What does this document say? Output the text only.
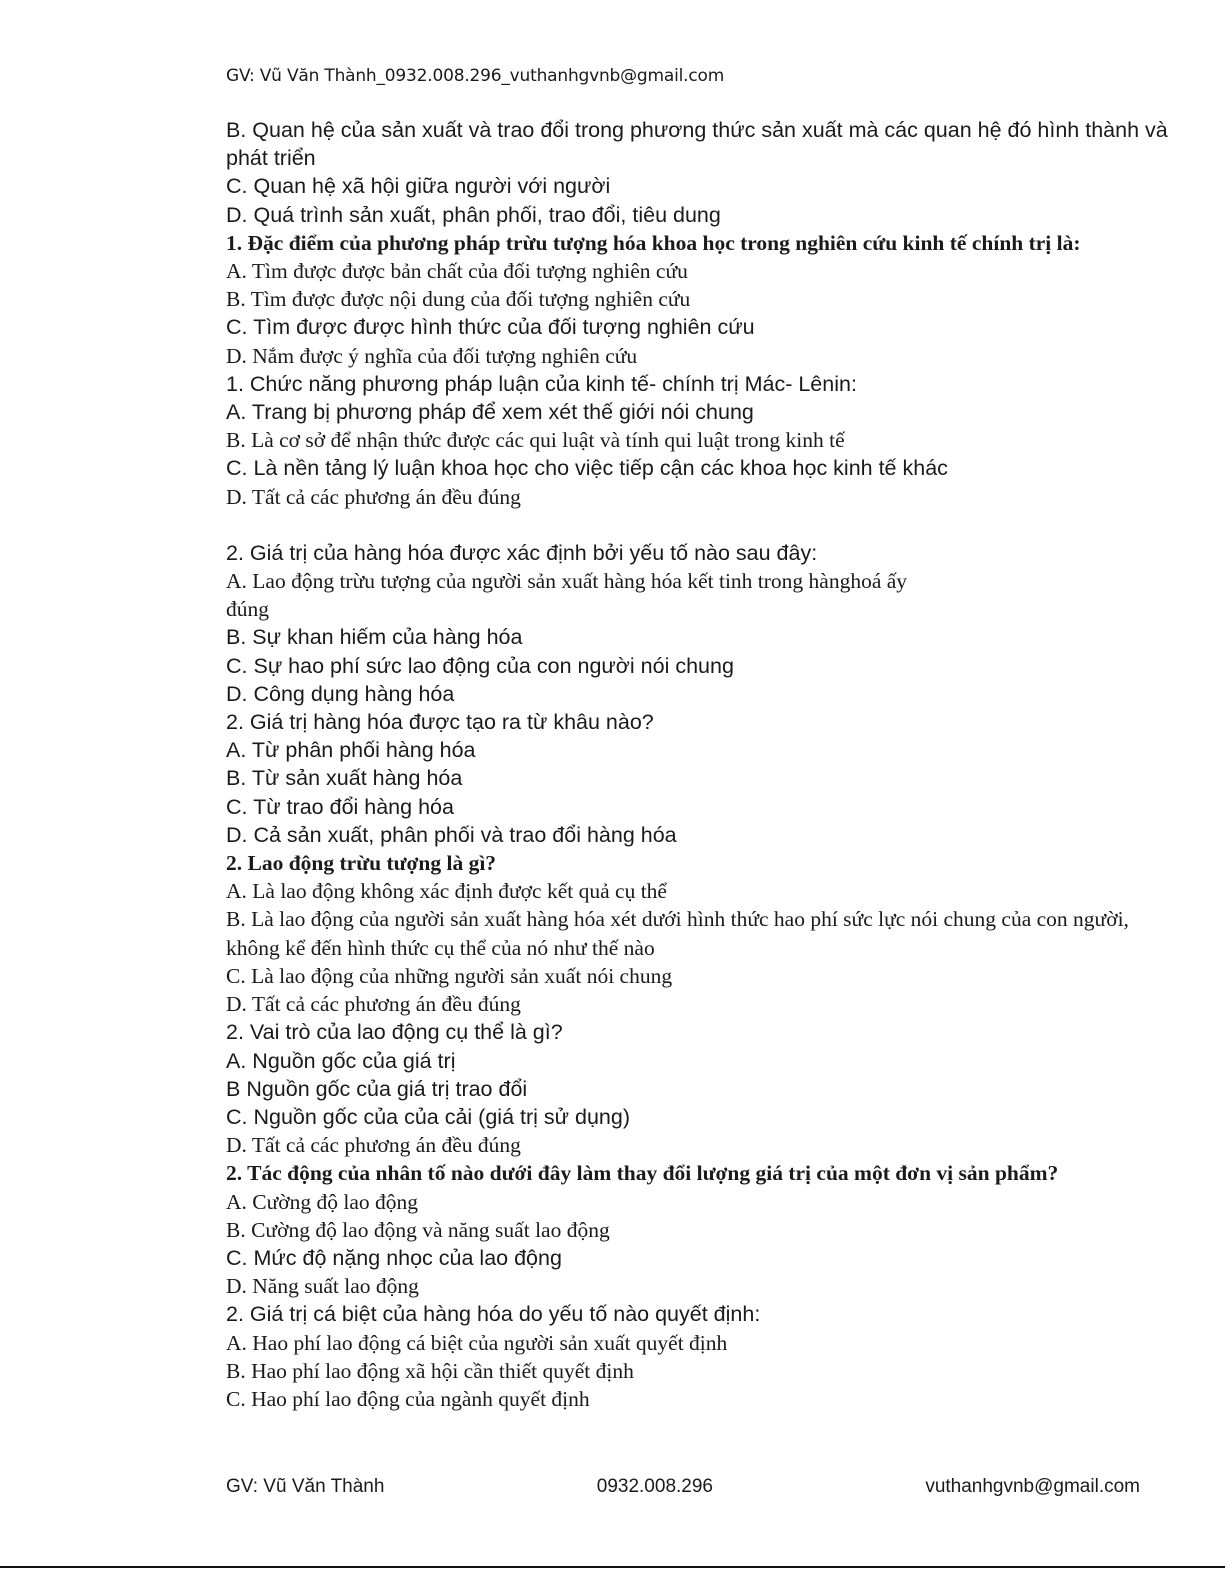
GV: Vũ Văn Thành_0932.008.296_vuthanhgvnb@gmail.com
B. Quan hệ của sản xuất và trao đổi trong phương thức sản xuất mà các quan hệ đó hình thành và phát triển
C. Quan hệ xã hội giữa người với người
D. Quá trình sản xuất, phân phối, trao đổi, tiêu dung
1. Đặc điểm của phương pháp trừu tượng hóa khoa học trong nghiên cứu kinh tế chính trị là:
A. Tìm được được bản chất của đối tượng nghiên cứu
B. Tìm được được nội dung của đối tượng nghiên cứu
C. Tìm được được hình thức của đối tượng nghiên cứu
D. Nắm được ý nghĩa của đối tượng nghiên cứu
1. Chức năng phương pháp luận của kinh tế- chính trị Mác- Lênin:
A. Trang bị phương pháp để xem xét thế giới nói chung
B. Là cơ sở để nhận thức được các qui luật và tính qui luật trong kinh tế
C. Là nền tảng lý luận khoa học cho việc tiếp cận các khoa học kinh tế khác
D. Tất cả các phương án đều đúng
2. Giá trị của hàng hóa được xác định bởi yếu tố nào sau đây:
A. Lao động trừu tượng của người sản xuất hàng hóa kết tinh trong hànghoá ấy
đúng
B. Sự khan hiếm của hàng hóa
C. Sự hao phí sức lao động của con người nói chung
D. Công dụng hàng hóa
2. Giá trị hàng hóa được tạo ra từ khâu nào?
A. Từ phân phối hàng hóa
B. Từ sản xuất hàng hóa
C. Từ trao đổi hàng hóa
D. Cả sản xuất, phân phối và trao đổi hàng hóa
2. Lao động trừu tượng là gì?
A. Là lao động không xác định được kết quả cụ thể
B. Là lao động của người sản xuất hàng hóa xét dưới hình thức hao phí sức lực nói chung của con người, không kể đến hình thức cụ thể của nó như thế nào
C. Là lao động của những người sản xuất nói chung
D. Tất cả các phương án đều đúng
2. Vai trò của lao động cụ thể là gì?
A. Nguồn gốc của giá trị
B Nguồn gốc của giá trị trao đổi
C. Nguồn gốc của của cải (giá trị sử dụng)
D. Tất cả các phương án đều đúng
2. Tác động của nhân tố nào dưới đây làm thay đổi lượng giá trị của một đơn vị sản phẩm?
A. Cường độ lao động
B. Cường độ lao động và năng suất lao động
C. Mức độ nặng nhọc của lao động
D. Năng suất lao động
2. Giá trị cá biệt của hàng hóa do yếu tố nào quyết định:
A. Hao phí lao động cá biệt của người sản xuất quyết định
B. Hao phí lao động xã hội cần thiết quyết định
C. Hao phí lao động của ngành quyết định
GV: Vũ Văn Thành	0932.008.296	vuthanhgvnb@gmail.com
